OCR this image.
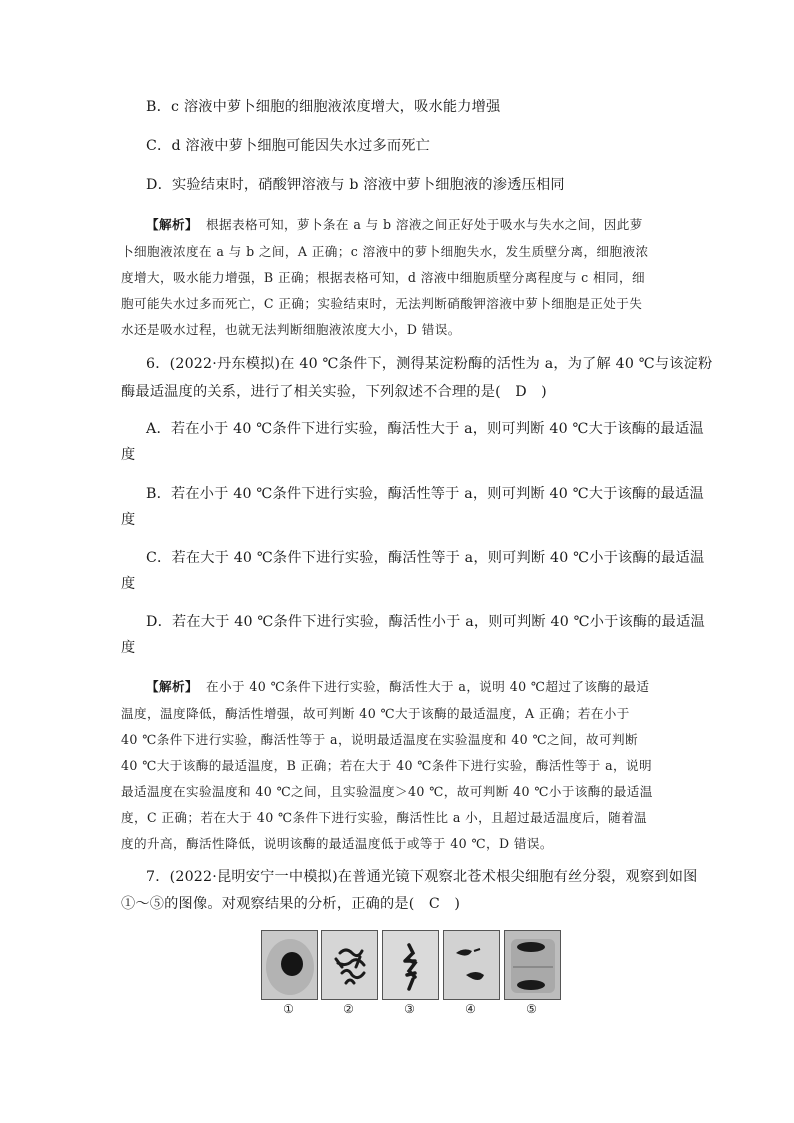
B．c 溶液中萝卜细胞的细胞液浓度增大，吸水能力增强
C．d 溶液中萝卜细胞可能因失水过多而死亡
D．实验结束时，硝酸钾溶液与 b 溶液中萝卜细胞液的渗透压相同
【解析】 根据表格可知，萝卜条在 a 与 b 溶液之间正好处于吸水与失水之间，因此萝
卜细胞液浓度在 a 与 b 之间，A 正确；c 溶液中的萝卜细胞失水，发生质壁分离，细胞液浓
度增大，吸水能力增强，B 正确；根据表格可知，d 溶液中细胞质壁分离程度与 c 相同，细
胞可能失水过多而死亡，C 正确；实验结束时，无法判断硝酸钾溶液中萝卜细胞是正处于失
水还是吸水过程，也就无法判断细胞液浓度大小，D 错误。
6．(2022·丹东模拟)在 40 ℃条件下，测得某淀粉酶的活性为 a，为了解 40 ℃与该淀粉
酶最适温度的关系，进行了相关实验，下列叙述不合理的是(　D　)
A．若在小于 40 ℃条件下进行实验，酶活性大于 a，则可判断 40 ℃大于该酶的最适温
度
B．若在小于 40 ℃条件下进行实验，酶活性等于 a，则可判断 40 ℃大于该酶的最适温
度
C．若在大于 40 ℃条件下进行实验，酶活性等于 a，则可判断 40 ℃小于该酶的最适温
度
D．若在大于 40 ℃条件下进行实验，酶活性小于 a，则可判断 40 ℃小于该酶的最适温
度
【解析】 在小于 40 ℃条件下进行实验，酶活性大于 a，说明 40 ℃超过了该酶的最适
温度，温度降低，酶活性增强，故可判断 40 ℃大于该酶的最适温度，A 正确；若在小于
40 ℃条件下进行实验，酶活性等于 a，说明最适温度在实验温度和 40 ℃之间，故可判断
40 ℃大于该酶的最适温度，B 正确；若在大于 40 ℃条件下进行实验，酶活性等于 a，说明
最适温度在实验温度和 40 ℃之间，且实验温度＞40 ℃，故可判断 40 ℃小于该酶的最适温
度，C 正确；若在大于 40 ℃条件下进行实验，酶活性比 a 小，且超过最适温度后，随着温
度的升高，酶活性降低，说明该酶的最适温度低于或等于 40 ℃，D 错误。
7．(2022·昆明安宁一中模拟)在普通光镜下观察北苍术根尖细胞有丝分裂，观察到如图
①～⑤的图像。对观察结果的分析，正确的是(　C　)
①	②	③	④	⑤
